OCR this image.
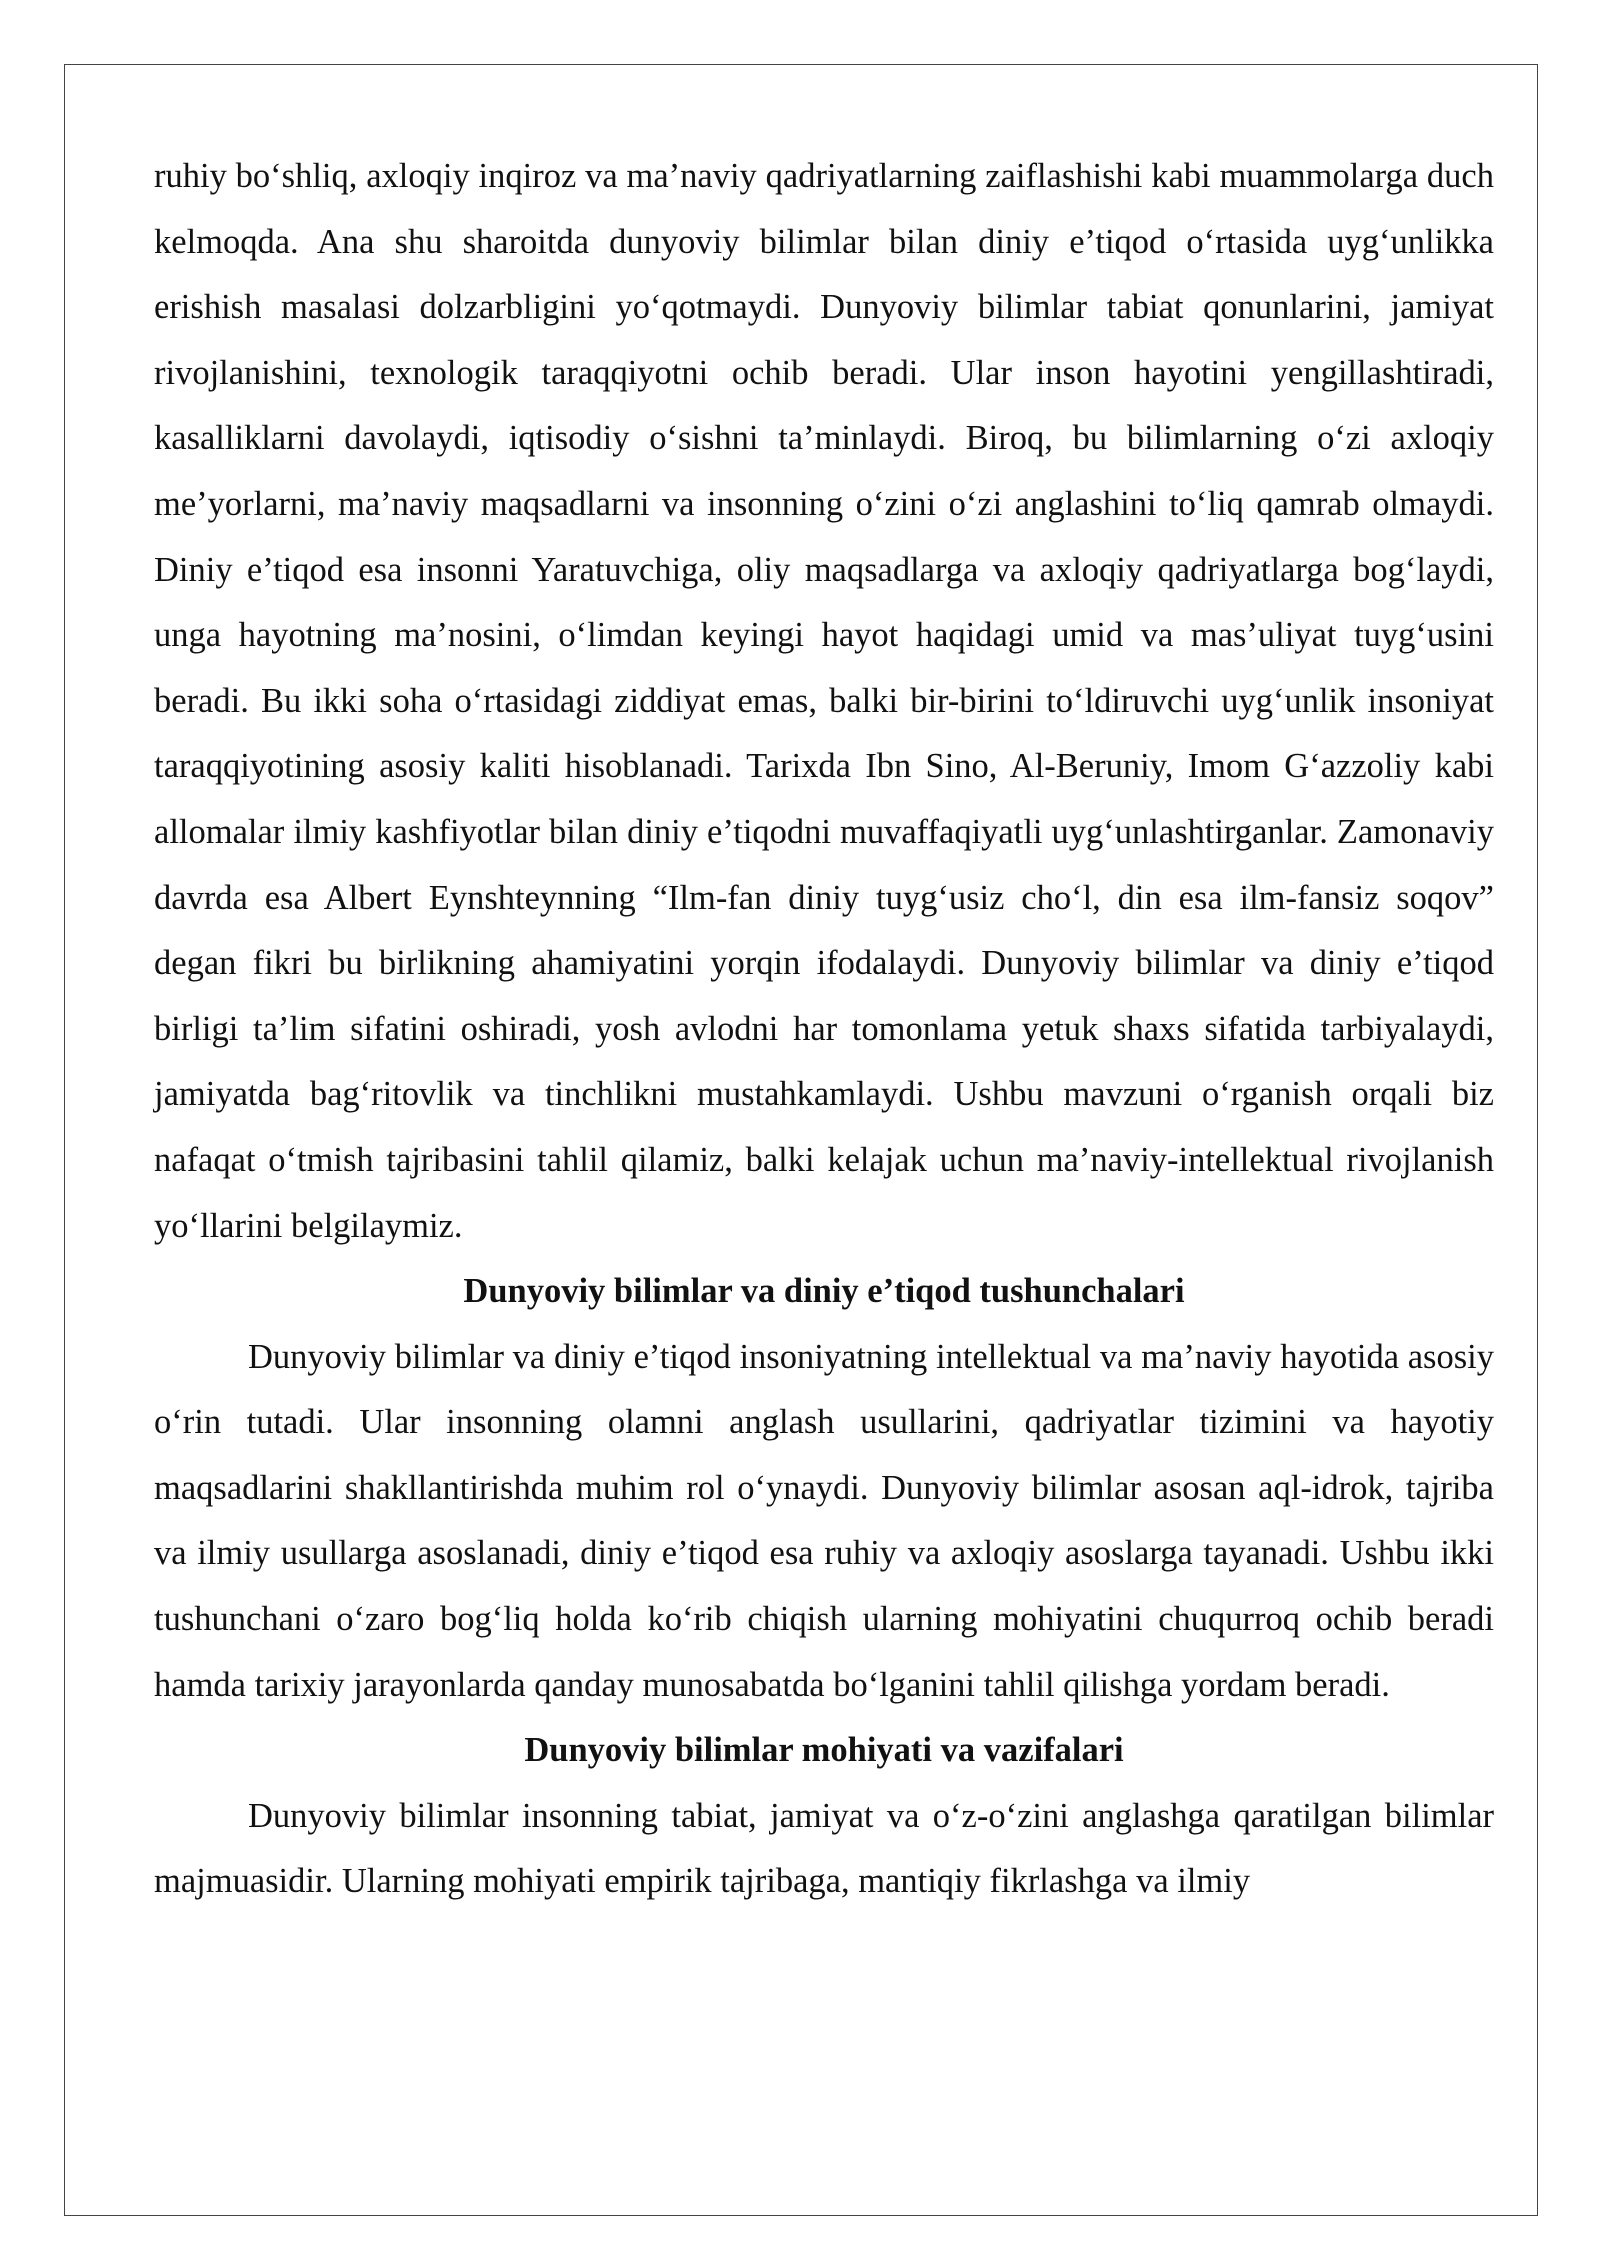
ruhiy bo‘shliq, axloqiy inqiroz va ma’naviy qadriyatlarning zaiflashishi kabi muammolarga duch kelmoqda. Ana shu sharoitda dunyoviy bilimlar bilan diniy e’tiqod o‘rtasida uyg‘unlikka erishish masalasi dolzarbligini yo‘qotmaydi. Dunyoviy bilimlar tabiat qonunlarini, jamiyat rivojlanishini, texnologik taraqqiyotni ochib beradi. Ular inson hayotini yengillashtiradi, kasalliklarni davolaydi, iqtisodiy o‘sishni ta’minlaydi. Biroq, bu bilimlarning o‘zi axloqiy me’yorlarni, ma’naviy maqsadlarni va insonning o‘zini o‘zi anglashini to‘liq qamrab olmaydi. Diniy e’tiqod esa insonni Yaratuvchiga, oliy maqsadlarga va axloqiy qadriyatlarga bog‘laydi, unga hayotning ma’nosini, o‘limdan keyingi hayot haqidagi umid va mas’uliyat tuyg‘usini beradi. Bu ikki soha o‘rtasidagi ziddiyat emas, balki bir-birini to‘ldiruvchi uyg‘unlik insoniyat taraqqiyotining asosiy kaliti hisoblanadi. Tarixda Ibn Sino, Al-Beruniy, Imom G‘azzoliy kabi allomalar ilmiy kashfiyotlar bilan diniy e’tiqodni muvaffaqiyatli uyg‘unlashtirganlar. Zamonaviy davrda esa Albert Eynshteynning “Ilm-fan diniy tuyg‘usiz cho‘l, din esa ilm-fansiz soqov” degan fikri bu birlikning ahamiyatini yorqin ifodalaydi. Dunyoviy bilimlar va diniy e’tiqod birligi ta’lim sifatini oshiradi, yosh avlodni har tomonlama yetuk shaxs sifatida tarbiyalaydi, jamiyatda bag‘ritovlik va tinchlikni mustahkamlaydi. Ushbu mavzuni o‘rganish orqali biz nafaqat o‘tmish tajribasini tahlil qilamiz, balki kelajak uchun ma’naviy-intellektual rivojlanish yo‘llarini belgilaymiz.

Dunyoviy bilimlar va diniy e’tiqod tushunchalari

Dunyoviy bilimlar va diniy e’tiqod insoniyatning intellektual va ma’naviy hayotida asosiy o‘rin tutadi. Ular insonning olamni anglash usullarini, qadriyatlar tizimini va hayotiy maqsadlarini shakllantirishda muhim rol o‘ynaydi. Dunyoviy bilimlar asosan aql-idrok, tajriba va ilmiy usullarga asoslanadi, diniy e’tiqod esa ruhiy va axloqiy asoslarga tayanadi. Ushbu ikki tushunchani o‘zaro bog‘liq holda ko‘rib chiqish ularning mohiyatini chuqurroq ochib beradi hamda tarixiy jarayonlarda qanday munosabatda bo‘lganini tahlil qilishga yordam beradi.

Dunyoviy bilimlar mohiyati va vazifalari

Dunyoviy bilimlar insonning tabiat, jamiyat va o‘z-o‘zini anglashga qaratilgan bilimlar majmuasidir. Ularning mohiyati empirik tajribaga, mantiqiy fikrlashga va ilmiy
